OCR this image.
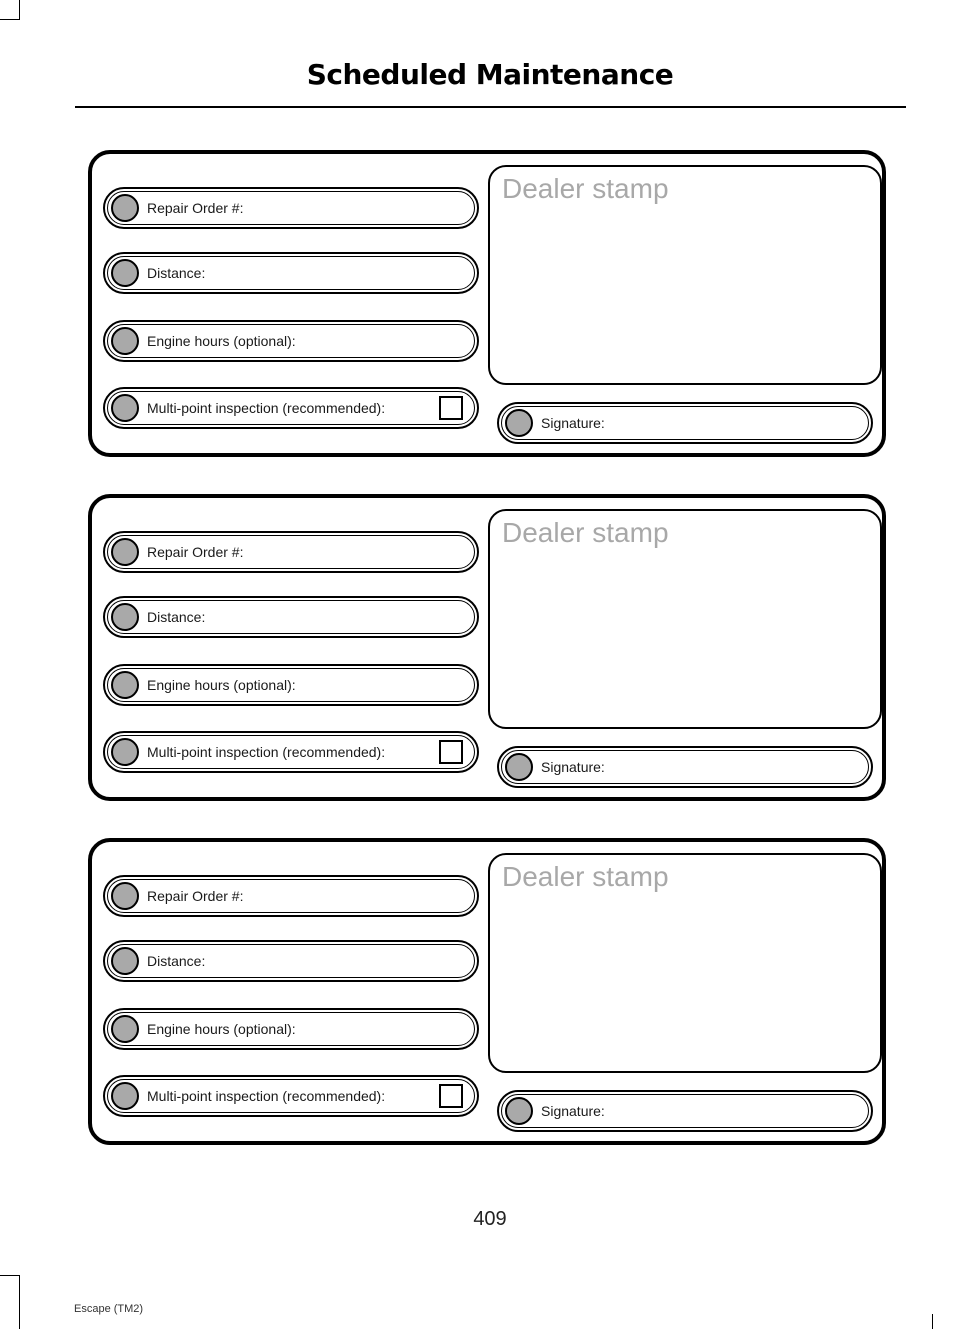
Scheduled Maintenance
Repair Order #:
Distance:
Engine hours (optional):
Multi-point inspection (recommended):
Dealer stamp
Signature:
Repair Order #:
Distance:
Engine hours (optional):
Multi-point inspection (recommended):
Dealer stamp
Signature:
Repair Order #:
Distance:
Engine hours (optional):
Multi-point inspection (recommended):
Dealer stamp
Signature:
409
Escape (TM2)
